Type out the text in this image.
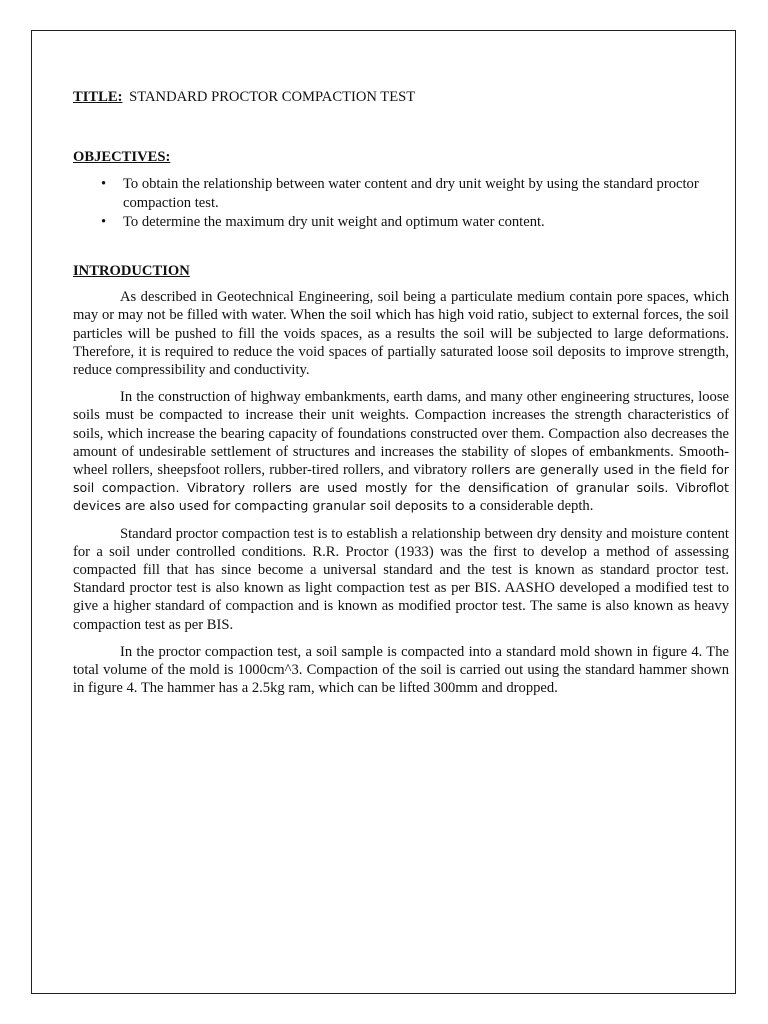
TITLE: STANDARD PROCTOR COMPACTION TEST
OBJECTIVES:
• To obtain the relationship between water content and dry unit weight by using the standard proctor compaction test.
• To determine the maximum dry unit weight and optimum water content.
INTRODUCTION

As described in Geotechnical Engineering, soil being a particulate medium contain pore spaces, which may or may not be filled with water. When the soil which has high void ratio, subject to external forces, the soil particles will be pushed to fill the voids spaces, as a results the soil will be subjected to large deformations. Therefore, it is required to reduce the void spaces of partially saturated loose soil deposits to improve strength, reduce compressibility and conductivity.

In the construction of highway embankments, earth dams, and many other engineering structures, loose soils must be compacted to increase their unit weights. Compaction increases the strength characteristics of soils, which increase the bearing capacity of foundations constructed over them. Compaction also decreases the amount of undesirable settlement of structures and increases the stability of slopes of embankments. Smooth- wheel rollers, sheepsfoot rollers, rubber-tired rollers, and vibratory rollers are generally used in the field for soil compaction. Vibratory rollers are used mostly for the densification of granular soils. Vibroflot devices are also used for compacting granular soil deposits to a considerable depth.

Standard proctor compaction test is to establish a relationship between dry density and moisture content for a soil under controlled conditions. R.R. Proctor (1933) was the first to develop a method of assessing compacted fill that has since become a universal standard and the test is known as standard proctor test. Standard proctor test is also known as light compaction test as per BIS. AASHO developed a modified test to give a higher standard of compaction and is known as modified proctor test. The same is also known as heavy compaction test as per BIS.

In the proctor compaction test, a soil sample is compacted into a standard mold shown in figure 4. The total volume of the mold is 1000cm^3. Compaction of the soil is carried out using the standard hammer shown in figure 4. The hammer has a 2.5kg ram, which can be lifted 300mm and dropped.
